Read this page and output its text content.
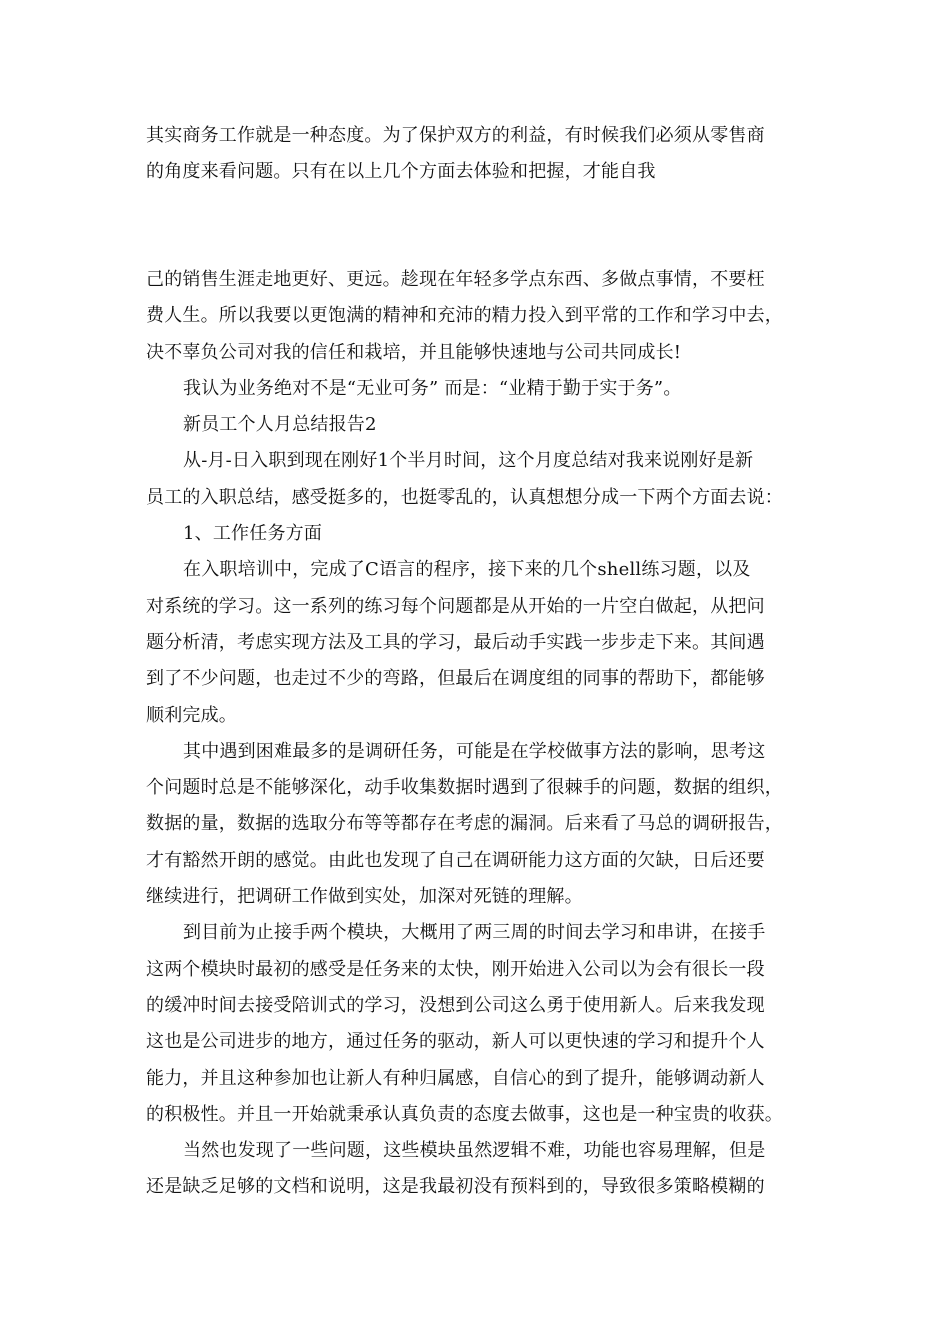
其实商务工作就是一种态度。为了保护双方的利益，有时候我们必须从零售商

的角度来看问题。只有在以上几个方面去体验和把握，才能自我

己的销售生涯走地更好、更远。趁现在年轻多学点东西、多做点事情，不要枉

费人生。所以我要以更饱满的精神和充沛的精力投入到平常的工作和学习中去，

决不辜负公司对我的信任和栽培，并且能够快速地与公司共同成长!

我认为业务绝对不是“无业可务” 而是：“业精于勤于实于务”。

新员工个人月总结报告2

从-月-日入职到现在刚好1个半月时间，这个月度总结对我来说刚好是新

员工的入职总结，感受挺多的，也挺零乱的，认真想想分成一下两个方面去说：

1、工作任务方面

在入职培训中，完成了C语言的程序，接下来的几个shell练习题，以及

对系统的学习。这一系列的练习每个问题都是从开始的一片空白做起，从把问

题分析清，考虑实现方法及工具的学习，最后动手实践一步步走下来。其间遇

到了不少问题，也走过不少的弯路，但最后在调度组的同事的帮助下，都能够

顺利完成。

其中遇到困难最多的是调研任务，可能是在学校做事方法的影响，思考这

个问题时总是不能够深化，动手收集数据时遇到了很棘手的问题，数据的组织，

数据的量，数据的选取分布等等都存在考虑的漏洞。后来看了马总的调研报告，

才有豁然开朗的感觉。由此也发现了自己在调研能力这方面的欠缺，日后还要

继续进行，把调研工作做到实处，加深对死链的理解。

到目前为止接手两个模块，大概用了两三周的时间去学习和串讲，在接手

这两个模块时最初的感受是任务来的太快，刚开始进入公司以为会有很长一段

的缓冲时间去接受陪训式的学习，没想到公司这么勇于使用新人。后来我发现

这也是公司进步的地方，通过任务的驱动，新人可以更快速的学习和提升个人

能力，并且这种参加也让新人有种归属感，自信心的到了提升，能够调动新人

的积极性。并且一开始就秉承认真负责的态度去做事，这也是一种宝贵的收获。

当然也发现了一些问题，这些模块虽然逻辑不难，功能也容易理解，但是

还是缺乏足够的文档和说明，这是我最初没有预料到的，导致很多策略模糊的
